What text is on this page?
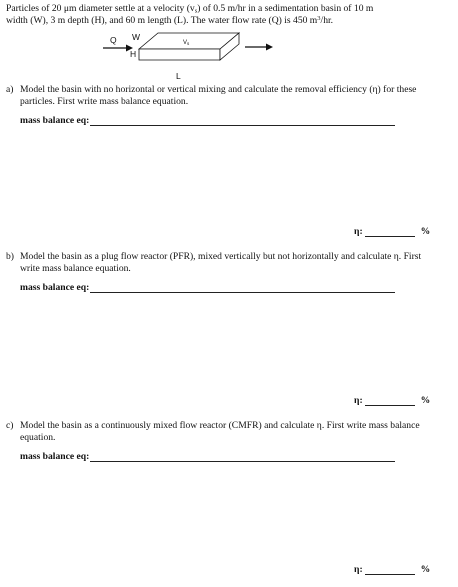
Particles of 20 μm diameter settle at a velocity $(v_s)$ of 0.5 m/hr in a sedimentation basin of 10 m
width (W), 3 m depth (H), and 60 m length (L). The water flow rate (Q) is 450 $m^3/hr$.
Q W
Vs
H
L
a) Model the basin with no horizontal or vertical mixing and calculate the removal efficiency (η) for these particles. First write mass balance equation.
mass balance eq:
η:	%
b) Model the basin as a plug flow reactor (PFR), mixed vertically but not horizontally and calculate η. First write mass balance equation.
mass balance eq:
η:	%
c) Model the basin as a continuously mixed flow reactor (CMFR) and calculate η. First write mass balance equation.
mass balance eq:
η:	%
